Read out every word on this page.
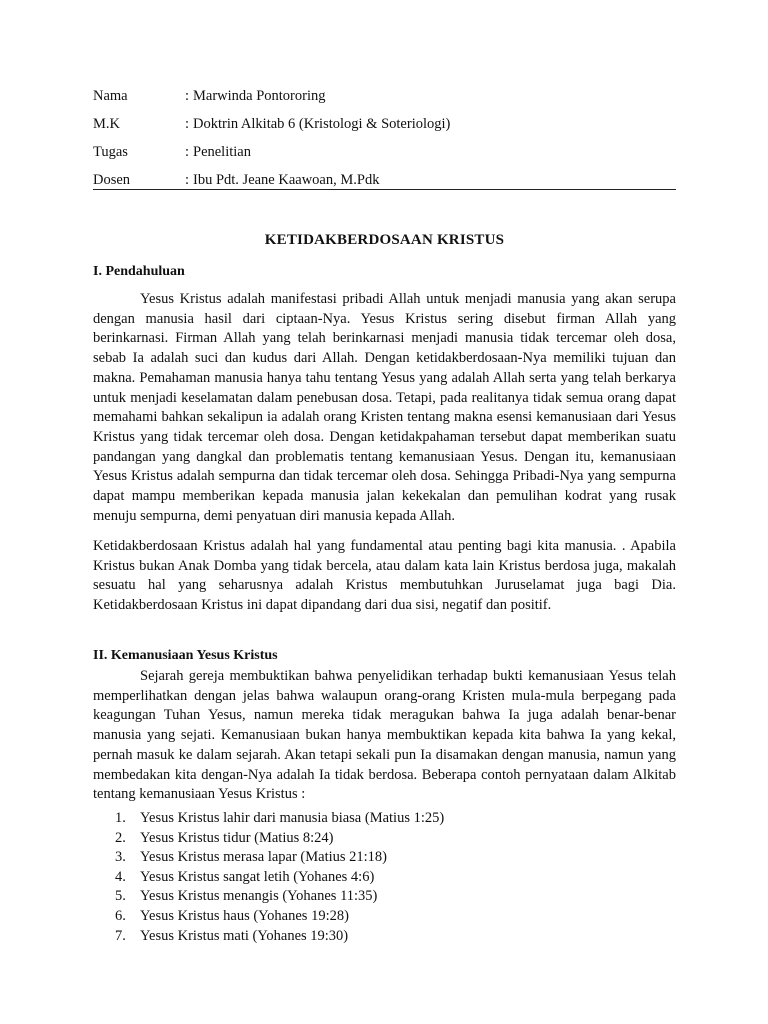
Nama	: Marwinda Pontororing
M.K	: Doktrin Alkitab 6 (Kristologi & Soteriologi)
Tugas	: Penelitian
Dosen	: Ibu Pdt. Jeane Kaawoan, M.Pdk
KETIDAKBERDOSAAN KRISTUS
I. Pendahuluan

Yesus Kristus adalah manifestasi pribadi Allah untuk menjadi manusia yang akan serupa dengan manusia hasil dari ciptaan-Nya. Yesus Kristus sering disebut firman Allah yang berinkarnasi. Firman Allah yang telah berinkarnasi menjadi manusia tidak tercemar oleh dosa, sebab Ia adalah suci dan kudus dari Allah. Dengan ketidakberdosaan-Nya memiliki tujuan dan makna. Pemahaman manusia hanya tahu tentang Yesus yang adalah Allah serta yang telah berkarya untuk menjadi keselamatan dalam penebusan dosa. Tetapi, pada realitanya tidak semua orang dapat memahami bahkan sekalipun ia adalah orang Kristen tentang makna esensi kemanusiaan dari Yesus Kristus yang tidak tercemar oleh dosa. Dengan ketidakpahaman tersebut dapat memberikan suatu pandangan yang dangkal dan problematis tentang kemanusiaan Yesus. Dengan itu, kemanusiaan Yesus Kristus adalah sempurna dan tidak tercemar oleh dosa. Sehingga Pribadi-Nya yang sempurna dapat mampu memberikan kepada manusia jalan kekekalan dan pemulihan kodrat yang rusak menuju sempurna, demi penyatuan diri manusia kepada Allah.

Ketidakberdosaan Kristus adalah hal yang fundamental atau penting bagi kita manusia. . Apabila Kristus bukan Anak Domba yang tidak bercela, atau dalam kata lain Kristus berdosa juga, makalah sesuatu hal yang seharusnya adalah Kristus membutuhkan Juruselamat juga bagi Dia. Ketidakberdosaan Kristus ini dapat dipandang dari dua sisi, negatif dan positif.

II. Kemanusiaan Yesus Kristus

Sejarah gereja membuktikan bahwa penyelidikan terhadap bukti kemanusiaan Yesus telah memperlihatkan dengan jelas bahwa walaupun orang-orang Kristen mula-mula berpegang pada keagungan Tuhan Yesus, namun mereka tidak meragukan bahwa Ia juga adalah benar-benar manusia yang sejati. Kemanusiaan bukan hanya membuktikan kepada kita bahwa Ia yang kekal, pernah masuk ke dalam sejarah. Akan tetapi sekali pun Ia disamakan dengan manusia, namun yang membedakan kita dengan-Nya adalah Ia tidak berdosa. Beberapa contoh pernyataan dalam Alkitab tentang kemanusiaan Yesus Kristus :

1. Yesus Kristus lahir dari manusia biasa (Matius 1:25)
2. Yesus Kristus tidur (Matius 8:24)
3. Yesus Kristus merasa lapar (Matius 21:18)
4. Yesus Kristus sangat letih (Yohanes 4:6)
5. Yesus Kristus menangis (Yohanes 11:35)
6. Yesus Kristus haus (Yohanes 19:28)
7. Yesus Kristus mati (Yohanes 19:30)
